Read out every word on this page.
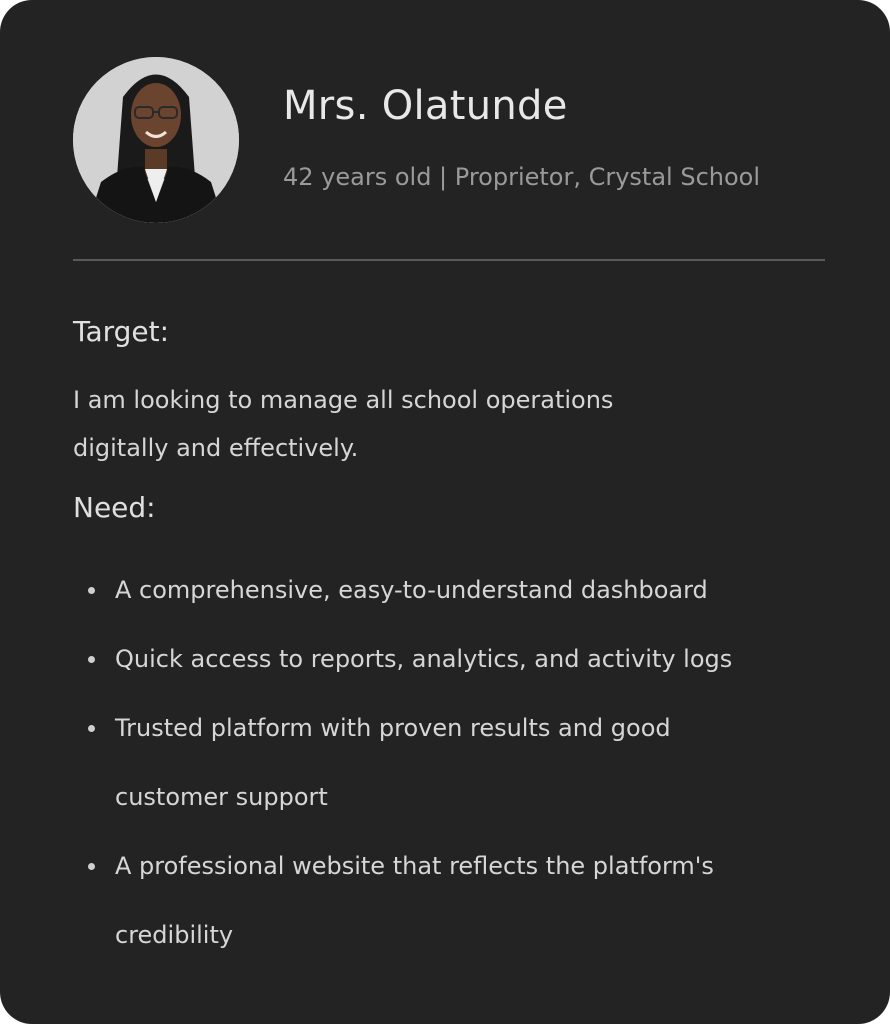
Mrs. Olatunde
42 years old | Proprietor, Crystal School
Target:
I am looking to manage all school operations
digitally and effectively.
Need:
A comprehensive, easy-to-understand dashboard
Quick access to reports, analytics, and activity logs
Trusted platform with proven results and good
customer support
A professional website that reflects the platform's
credibility
